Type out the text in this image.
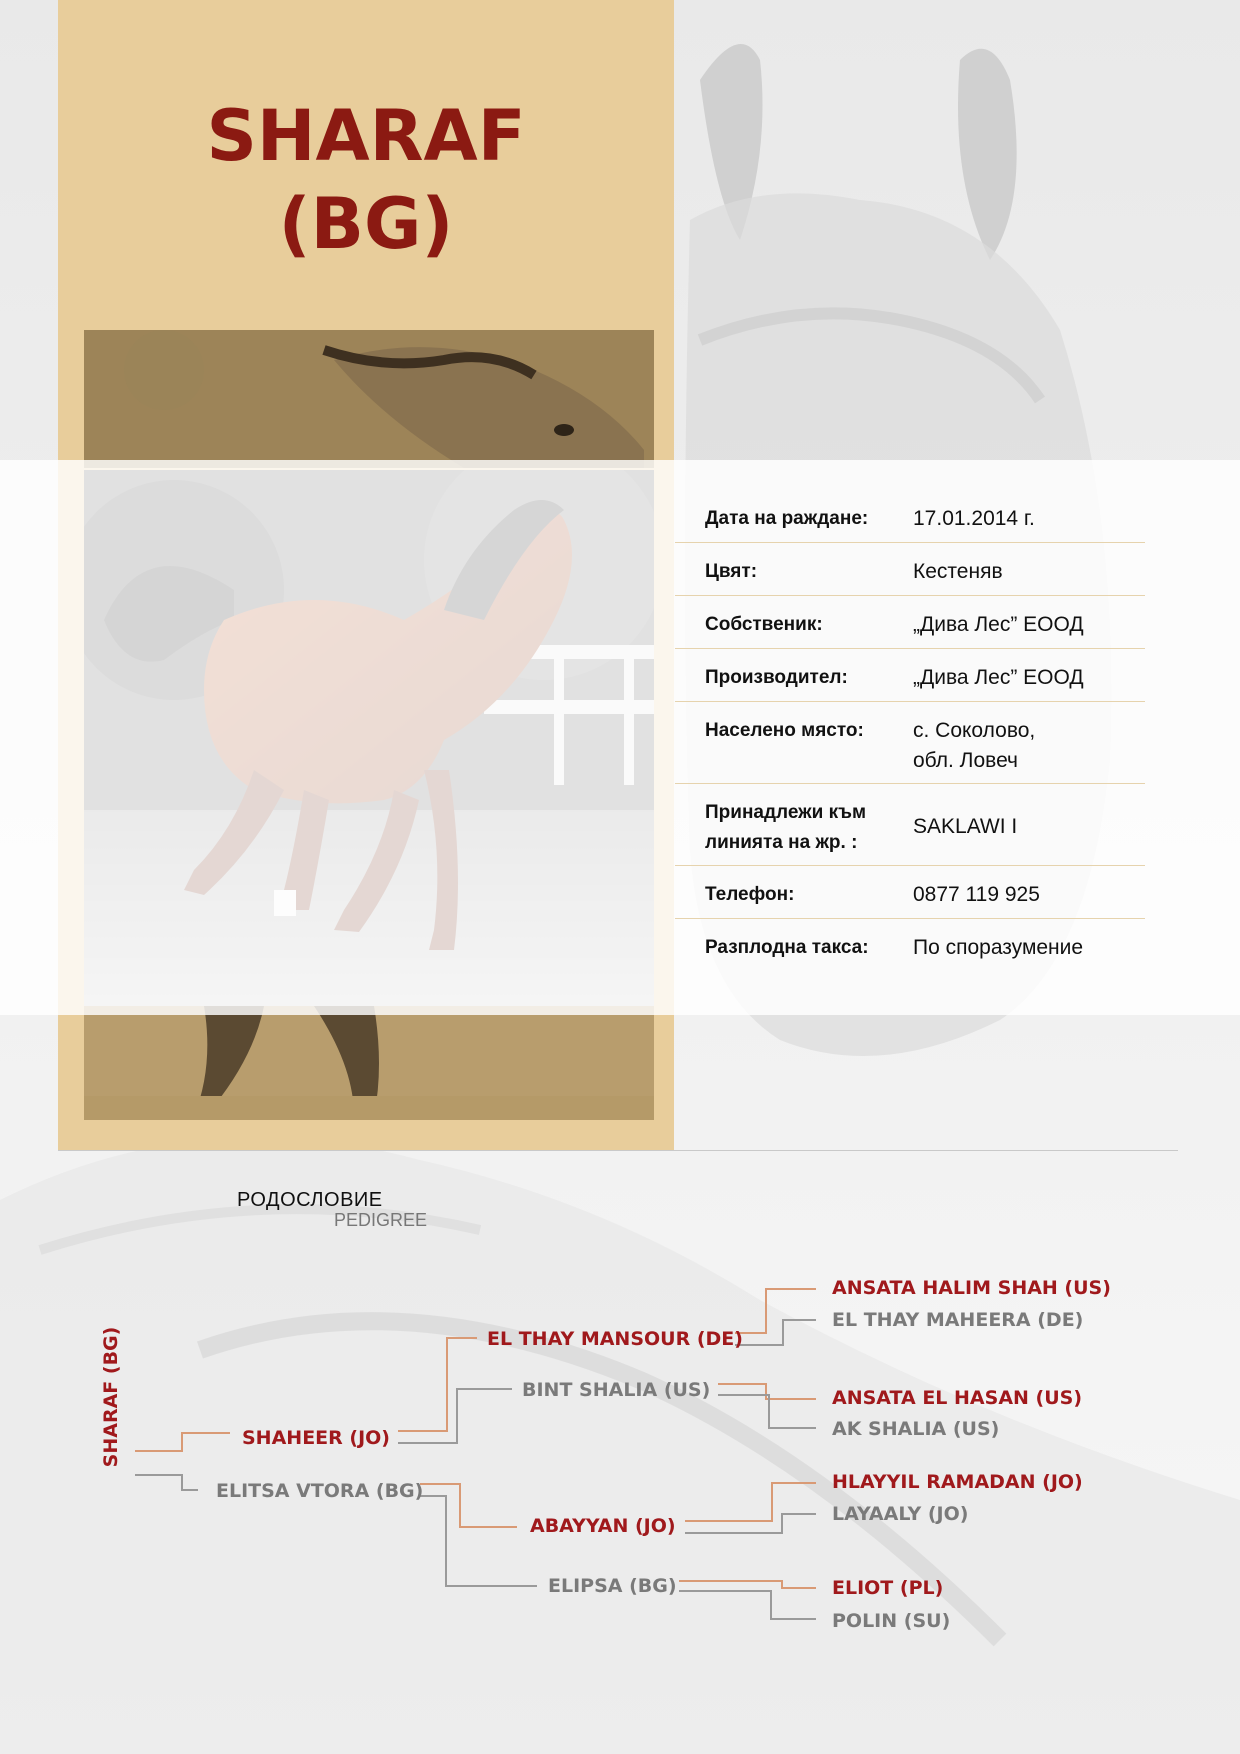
SHARAF
(BG)
Дата на раждане:	17.01.2014 г.
Цвят:	Кестеняв
Собственик:	„Дива Лес” ЕООД
Производител:	„Дива Лес” ЕООД
Населено място:	с. Соколово,
обл. Ловеч
Принадлежи към
линията на жр. :
SAKLAWI I
Телефон:	0877 119 925
Разплодна такса:	По споразумение
РОДОСЛОВИЕ
PEDIGREE
SHARAF (BG)	SHAHEER (JO)
ELITSA VTORA (BG)
EL THAY MANSOUR (DE)
BINT SHALIA (US)
ABAYYAN (JO)
ELIPSA (BG)
ANSATA HALIM SHAH (US)
EL THAY MAHEERA (DE)
ANSATA EL HASAN (US)
AK SHALIA (US)
HLAYYIL RAMADAN (JO)
LAYAALY (JO)
ELIOT (PL)
POLIN (SU)
